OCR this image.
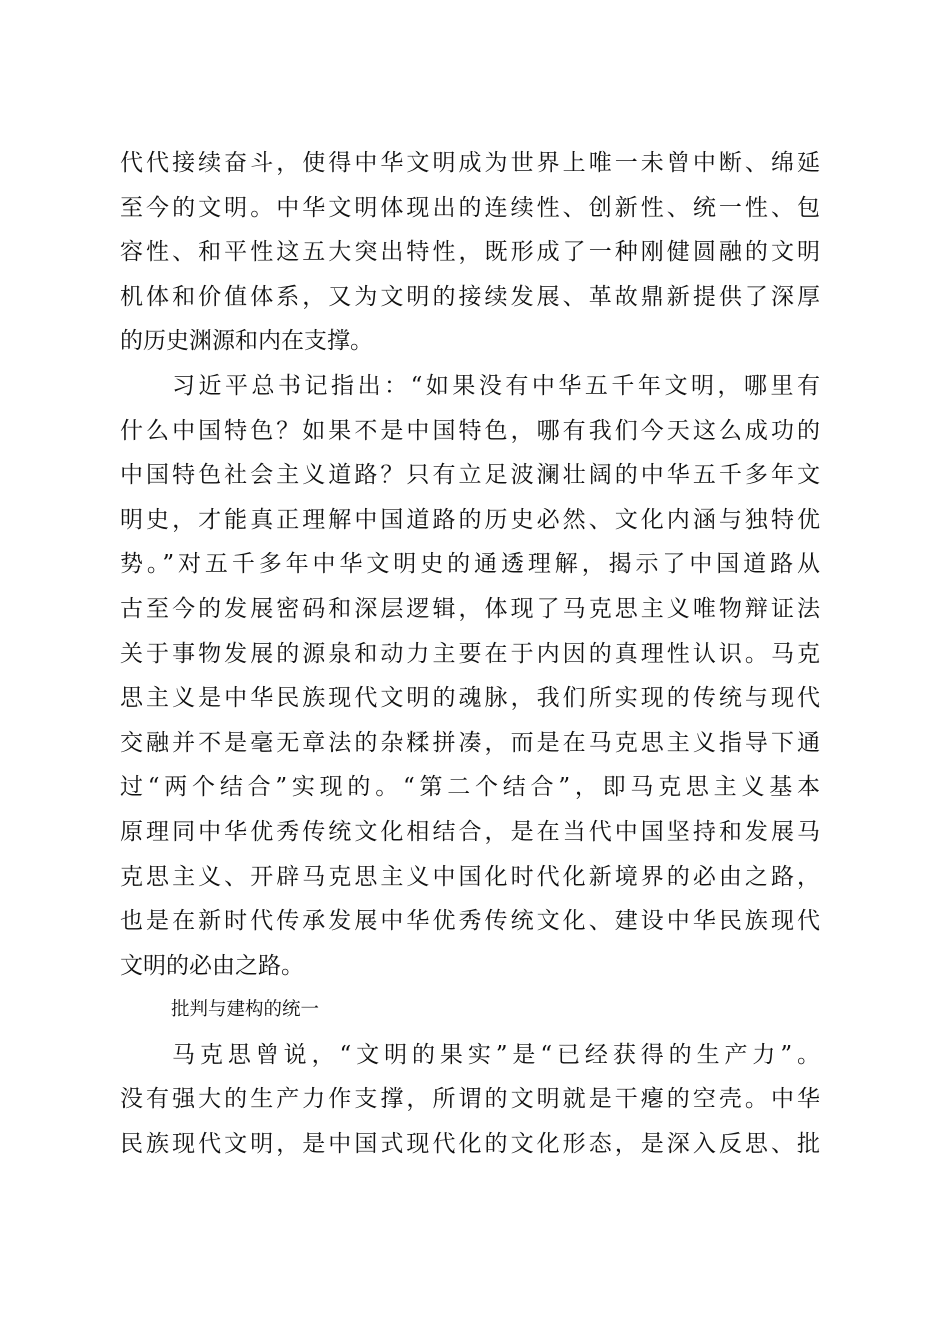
代代接续奋斗，使得中华文明成为世界上唯一未曾中断、绵延
至今的文明。中华文明体现出的连续性、创新性、统一性、包
容性、和平性这五大突出特性，既形成了一种刚健圆融的文明
机体和价值体系，又为文明的接续发展、革故鼎新提供了深厚
的历史渊源和内在支撑。
习近平总书记指出：“如果没有中华五千年文明，哪里有
什么中国特色？如果不是中国特色，哪有我们今天这么成功的
中国特色社会主义道路？只有立足波澜壮阔的中华五千多年文
明史，才能真正理解中国道路的历史必然、文化内涵与独特优
势。”对五千多年中华文明史的通透理解，揭示了中国道路从
古至今的发展密码和深层逻辑，体现了马克思主义唯物辩证法
关于事物发展的源泉和动力主要在于内因的真理性认识。马克
思主义是中华民族现代文明的魂脉，我们所实现的传统与现代
交融并不是毫无章法的杂糅拼凑，而是在马克思主义指导下通
过“两个结合”实现的。“第二个结合”，即马克思主义基本
原理同中华优秀传统文化相结合，是在当代中国坚持和发展马
克思主义、开辟马克思主义中国化时代化新境界的必由之路，
也是在新时代传承发展中华优秀传统文化、建设中华民族现代
文明的必由之路。
批判与建构的统一
马克思曾说，“文明的果实”是“已经获得的生产力”。
没有强大的生产力作支撑，所谓的文明就是干瘪的空壳。中华
民族现代文明，是中国式现代化的文化形态，是深入反思、批
